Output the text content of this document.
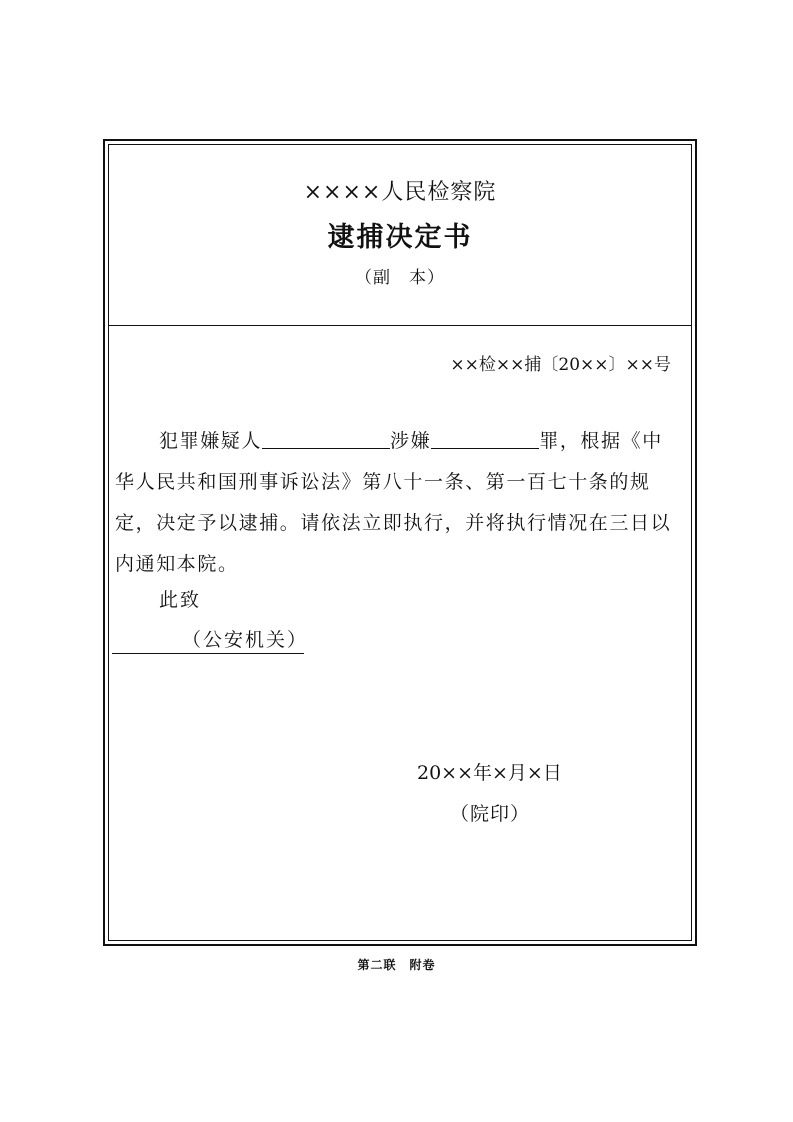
××××人民检察院
逮捕决定书
（副　本）
××检××捕〔20××〕××号
犯罪嫌疑人	涉嫌	罪，根据《中华人民共和国刑事诉讼法》第八十一条、第一百七十条的规定，决定予以逮捕。请依法立即执行，并将执行情况在三日以内通知本院。
此致
（公安机关）
20××年×月×日
（院印）
第二联　附卷
